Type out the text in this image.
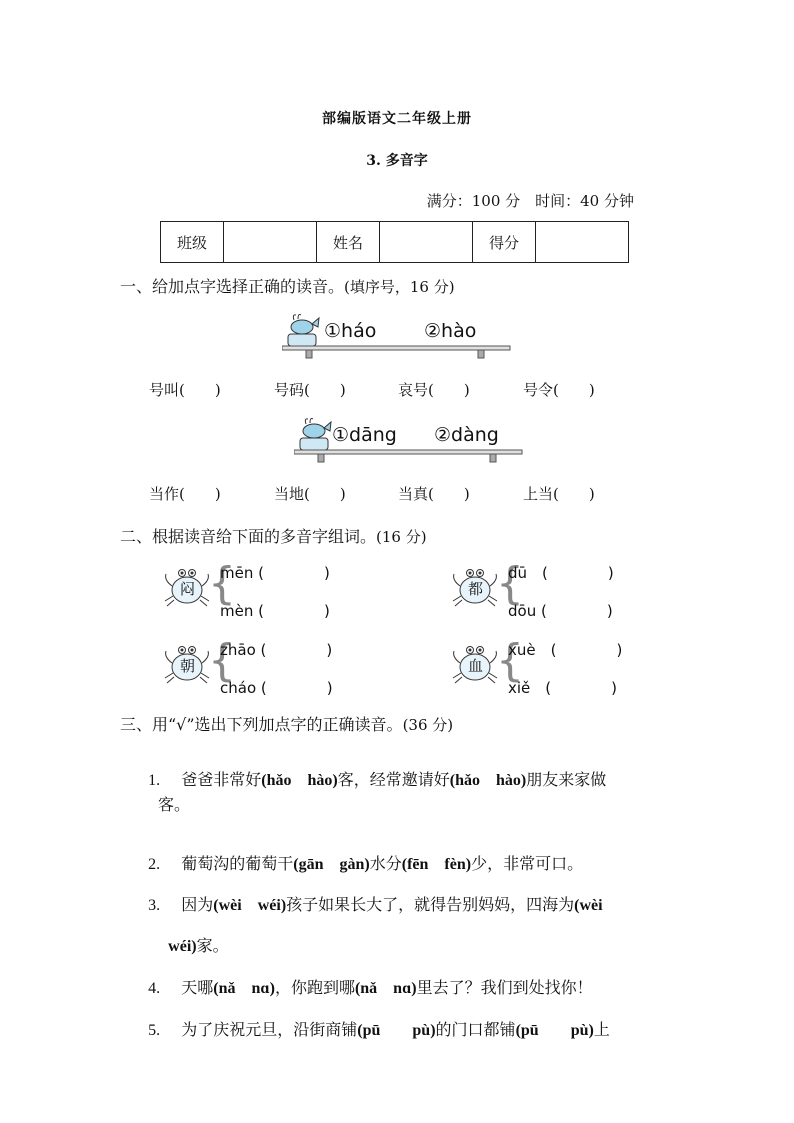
部编版语文二年级上册
3. 多音字
满分：100 分　时间：40 分钟
班级		姓名		得分	
一、给加点字选择正确的读音。(填序号，16 分)
①háo	②hào
号叫(　　)	号码(　　)	哀号(　　)	号令(　　)
①dāng ②dàng
当作(　　)	当地(　　)	当真(　　)	上当(　　)
二、根据读音给下面的多音字组词。(16 分)
闷 {
mēn (　　　　)
mèn (　　　　)
都 {
dū　(　　　　)
dōu (　　　　)
朝 {
zhāo (　　　　)
cháo (　　　　)
血 {
xuè　(　　　　)
xiě　(　　　　)
三、用“√”选出下列加点字的正确读音。(36 分)

1.　 爸爸非常好(hǎo　hào)客，经常邀请好(hǎo　hào)朋友来家做

客。

2.　 葡萄沟的葡萄干(gān　gàn)水分(fēn　fèn)少，非常可口。

3.　 因为(wèi　wéi)孩子如果长大了，就得告别妈妈，四海为(wèi

wéi)家。

4.　 天哪(nǎ　nɑ)，你跑到哪(nǎ　nɑ)里去了？我们到处找你！

5.　 为了庆祝元旦，沿街商铺(pū　　pù)的门口都铺(pū　　pù)上
